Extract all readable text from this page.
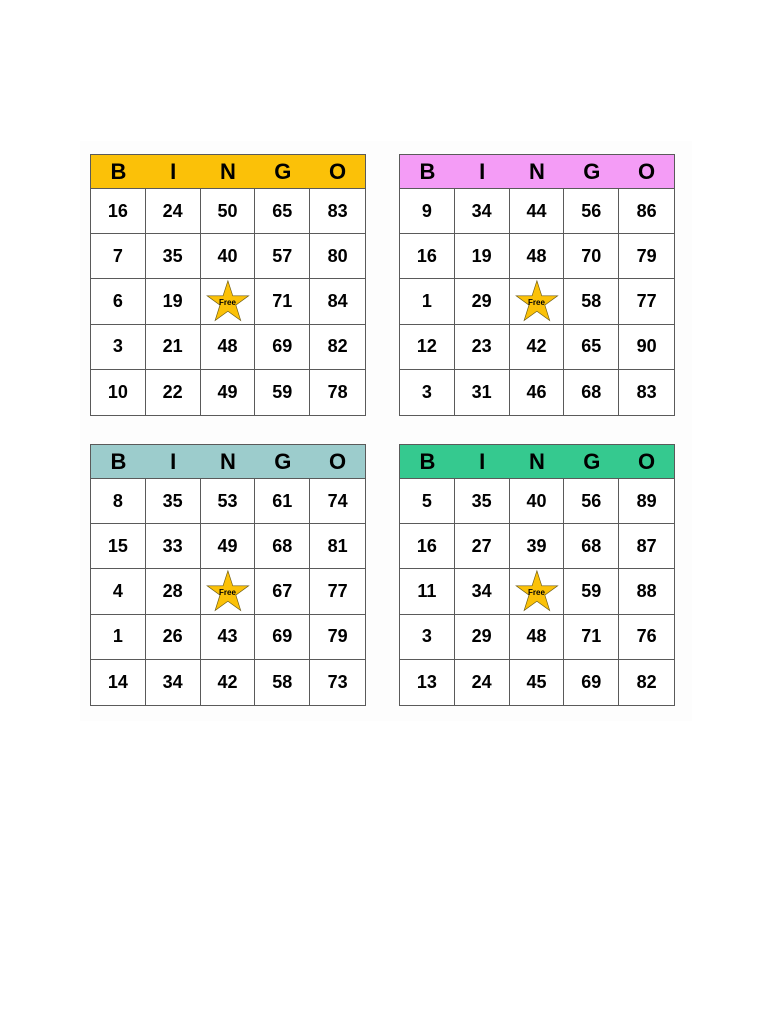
B	I	N	G	O
16	24	50	65	83
7	35	40	57	80
6	19	Free	71	84
3	21	48	69	82
10	22	49	59	78
B	I	N	G	O
9	34	44	56	86
16	19	48	70	79
1	29	Free	58	77
12	23	42	65	90
3	31	46	68	83
B	I	N	G	O
8	35	53	61	74
15	33	49	68	81
4	28	Free	67	77
1	26	43	69	79
14	34	42	58	73
B	I	N	G	O
5	35	40	56	89
16	27	39	68	87
11	34	Free	59	88
3	29	48	71	76
13	24	45	69	82
